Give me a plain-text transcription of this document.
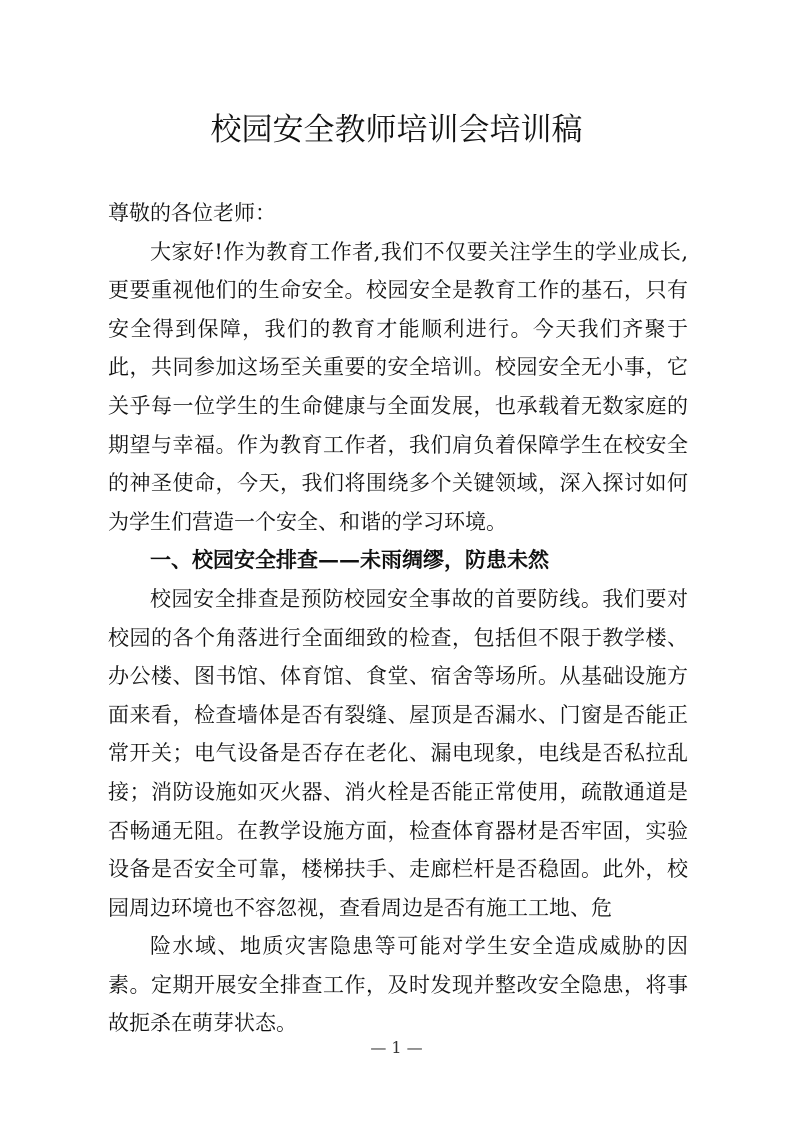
校园安全教师培训会培训稿

尊敬的各位老师：

大家好!作为教育工作者,我们不仅要关注学生的学业成长,更要重视他们的生命安全。校园安全是教育工作的基石，只有安全得到保障，我们的教育才能顺利进行。今天我们齐聚于此，共同参加这场至关重要的安全培训。校园安全无小事，它关乎每一位学生的生命健康与全面发展，也承载着无数家庭的期望与幸福。作为教育工作者，我们肩负着保障学生在校安全的神圣使命，今天，我们将围绕多个关键领域，深入探讨如何为学生们营造一个安全、和谐的学习环境。

一、校园安全排查——未雨绸缪，防患未然

校园安全排查是预防校园安全事故的首要防线。我们要对校园的各个角落进行全面细致的检查，包括但不限于教学楼、办公楼、图书馆、体育馆、食堂、宿舍等场所。从基础设施方面来看，检查墙体是否有裂缝、屋顶是否漏水、门窗是否能正常开关；电气设备是否存在老化、漏电现象，电线是否私拉乱接；消防设施如灭火器、消火栓是否能正常使用，疏散通道是否畅通无阻。在教学设施方面，检查体育器材是否牢固，实验设备是否安全可靠，楼梯扶手、走廊栏杆是否稳固。此外，校园周边环境也不容忽视，查看周边是否有施工工地、危

险水域、地质灾害隐患等可能对学生安全造成威胁的因素。定期开展安全排查工作，及时发现并整改安全隐患，将事故扼杀在萌芽状态。

— 1 —
